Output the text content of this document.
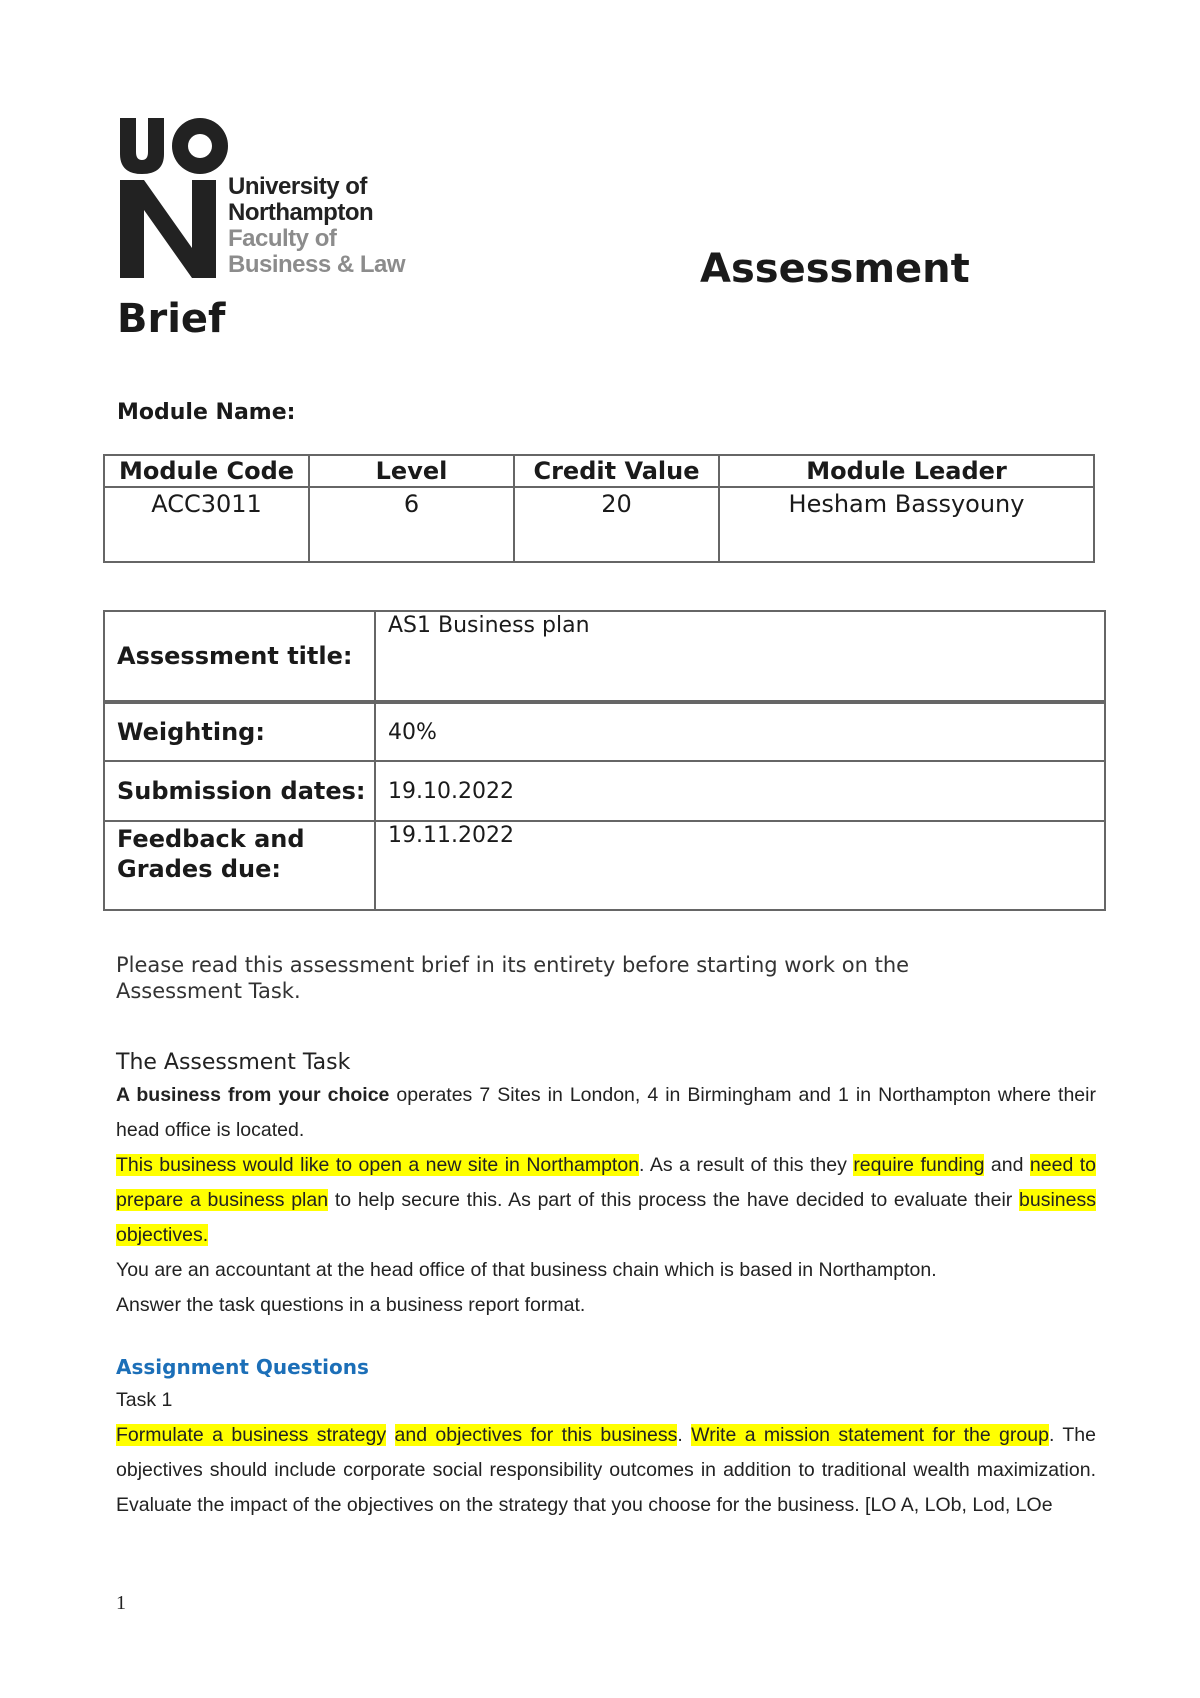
University of
Northampton
Faculty of
Business & Law	Assessment
Brief
Module Name:
Module Code	Level	Credit Value	Module Leader
ACC3011	6	20	Hesham Bassyouny
Assessment title:	AS1 Business plan
Weighting:	40%
Submission dates:	19.10.2022
Feedback and Grades due:	19.11.2022
Please read this assessment brief in its entirety before starting work on the Assessment Task.
The Assessment Task
A business from your choice operates 7 Sites in London, 4 in Birmingham and 1 in Northampton where their head office is located.
This business would like to open a new site in Northampton. As a result of this they require funding and need to prepare a business plan to help secure this. As part of this process the have decided to evaluate their business objectives.
You are an accountant at the head office of that business chain which is based in Northampton.
Answer the task questions in a business report format.
Assignment Questions
Task 1
Formulate a business strategy and objectives for this business. Write a mission statement for the group. The objectives should include corporate social responsibility outcomes in addition to traditional wealth maximization. Evaluate the impact of the objectives on the strategy that you choose for the business. [LO A, LOb, Lod, LOe
1
